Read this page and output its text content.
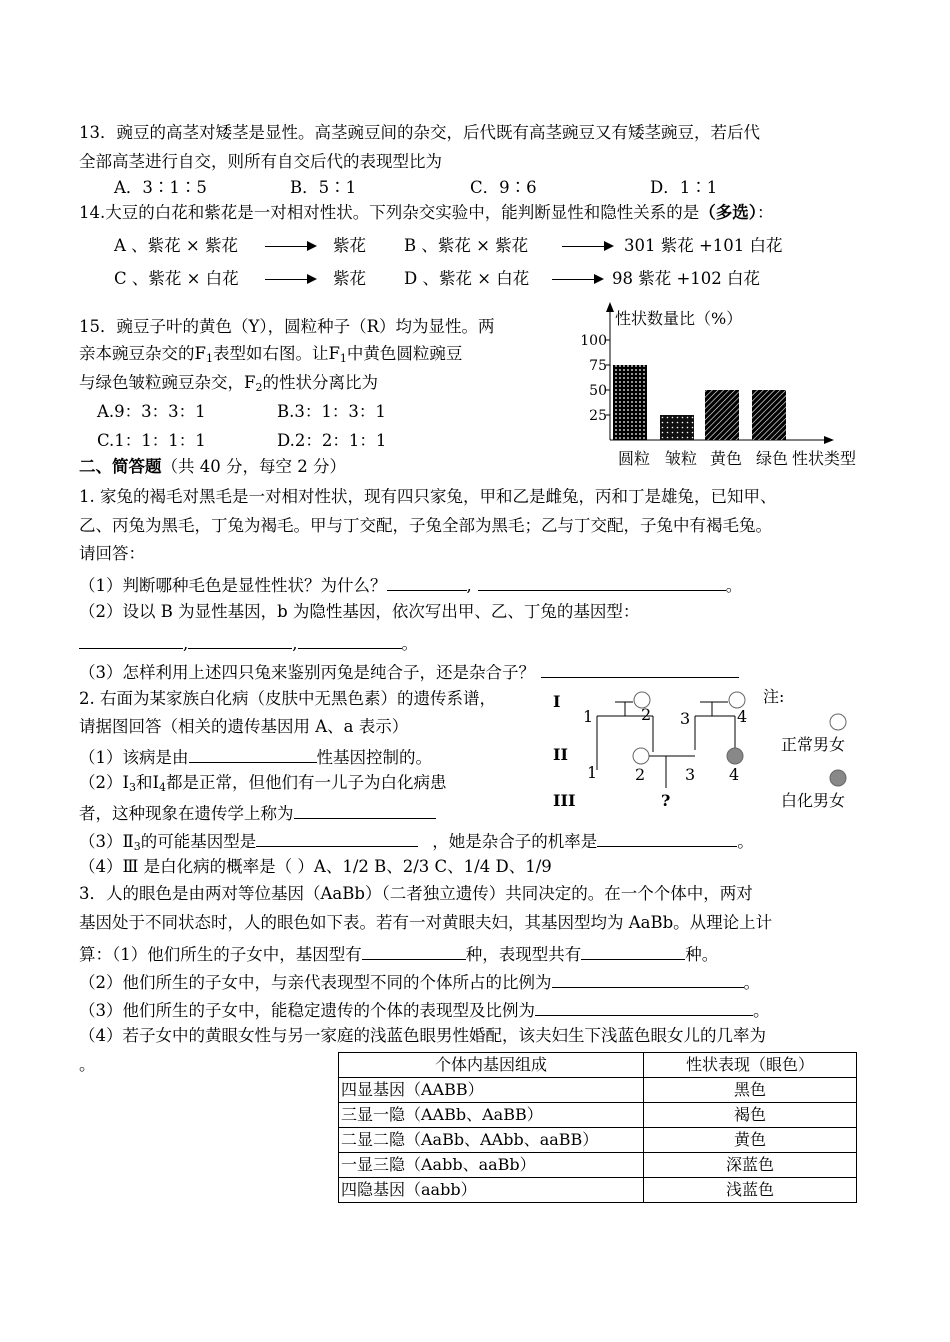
13．豌豆的高茎对矮茎是显性。高茎豌豆间的杂交，后代既有高茎豌豆又有矮茎豌豆，若后代
全部高茎进行自交，则所有自交后代的表现型比为
A．3∶1∶5	B．5∶1	C．9∶6	D．1∶1
14.大豆的白花和紫花是一对相对性状。下列杂交实验中，能判断显性和隐性关系的是（多选）：
A 、紫花 × 紫花	紫花 B 、紫花 × 紫花	301 紫花 +101 白花
C 、紫花 × 白花	紫花 D 、紫花 × 白花	98 紫花 +102 白花
15．豌豆子叶的黄色（Y），圆粒种子（R）均为显性。两
亲本豌豆杂交的$F_1$表型如右图。让$F_1$中黄色圆粒豌豆
与绿色皱粒豌豆杂交，$F_2$的性状分离比为
A.9：3：3：1	B.3：1：3：1
C.1：1：1：1	D.2：2：1：1
性状数量比（%）
100
75
50
25
圆粒 皱粒 黄色 绿色 性状类型
二、简答题（共 40 分，每空 2 分）
1. 家兔的褐毛对黑毛是一对相对性状，现有四只家兔，甲和乙是雌兔，丙和丁是雄兔，已知甲、
乙、丙兔为黑毛，丁兔为褐毛。甲与丁交配，子兔全部为黑毛；乙与丁交配，子兔中有褐毛兔。
请回答：
（1）判断哪种毛色是显性性状？为什么？	,	。
（2）设以 B 为显性基因，b 为隐性基因，依次写出甲、乙、丁兔的基因型：
,	,	。
（3）怎样利用上述四只兔来鉴别丙兔是纯合子，还是杂合子？
2. 右面为某家族白化病（皮肤中无黑色素）的遗传系谱，
请据图回答（相关的遗传基因用 A、a 表示）
（1）该病是由	性基因控制的。
$(2)Ⅰ_3$和$Ⅰ_4$都是正常，但他们有一儿子为白化病患
者，这种现象在遗传学上称为
$(3)Ⅱ_3$的可能基因型是	，她是杂合子的机率是	。
（4）Ⅲ 是白化病的概率是（ ）A、1/2 B、2/3 C、1/4 D、1/9
I
II
III
1	2 3	4
1 2 3 4
?
注:
正常男女
白化男女
3．人的眼色是由两对等位基因（AaBb）（二者独立遗传）共同决定的。在一个个体中，两对
基因处于不同状态时，人的眼色如下表。若有一对黄眼夫妇，其基因型均为 AaBb。从理论上计
算：（1）他们所生的子女中，基因型有	种，表现型共有	种。
（2）他们所生的子女中，与亲代表现型不同的个体所占的比例为	。
（3）他们所生的子女中，能稳定遗传的个体的表现型及比例为	。
（4）若子女中的黄眼女性与另一家庭的浅蓝色眼男性婚配，该夫妇生下浅蓝色眼女儿的几率为
。	个体内基因组成	性状表现（眼色）
四显基因（AABB）	黑色
三显一隐（AABb、AaBB）	褐色
二显二隐（AaBb、AAbb、aaBB）	黄色
一显三隐（Aabb、aaBb）	深蓝色
四隐基因（aabb）	浅蓝色
